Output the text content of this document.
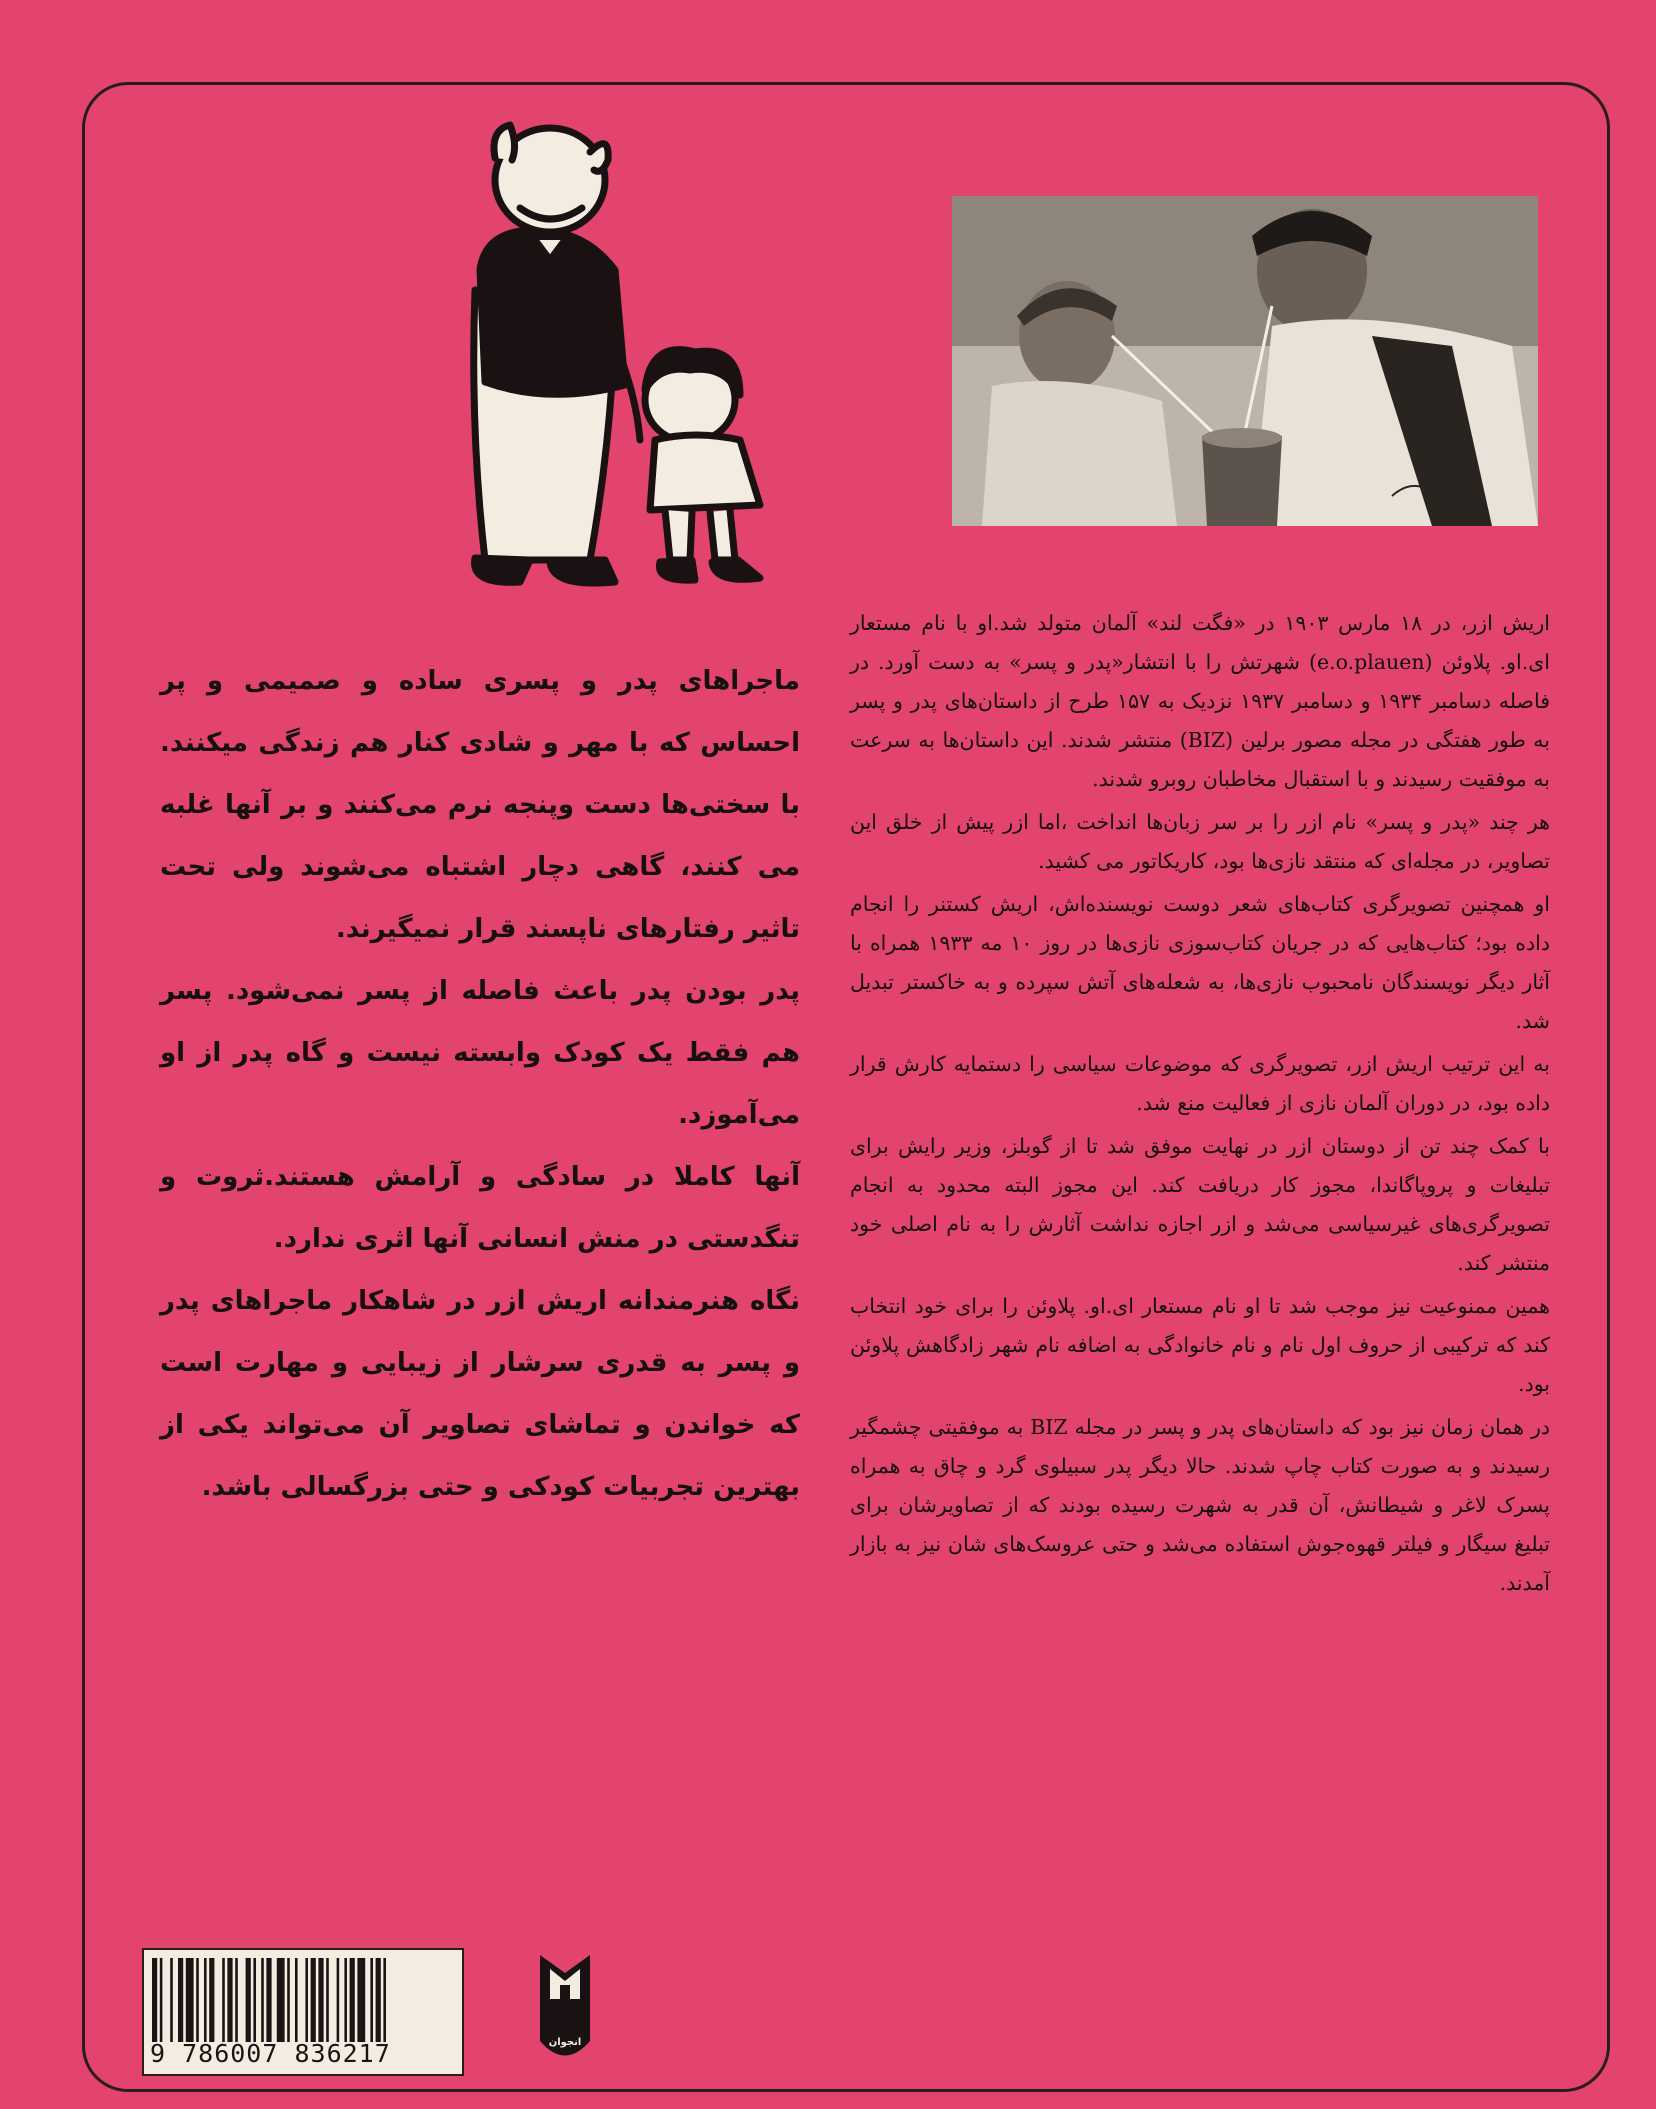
اریش ازر، در ۱۸ مارس ۱۹۰۳ در «فگت لند» آلمان متولد شد.او با نام مستعار ای.او. پلاوئن (e.o.plauen) شهرتش را با انتشار«پدر و پسر» به دست آورد. در فاصله دسامبر ۱۹۳۴ و دسامبر ۱۹۳۷ نزدیک به ۱۵۷ طرح از داستان‌های پدر و پسر به طور هفتگی در مجله مصور برلین (BIZ) منتشر شدند. این داستان‌ها به سرعت به موفقیت رسیدند و با استقبال مخاطبان روبرو شدند.

هر چند «پدر و پسر» نام ازر را بر سر زبان‌ها انداخت ،اما ازر پیش از خلق این تصاویر، در مجله‌ای که منتقد نازی‌ها بود، کاریکاتور می کشید.

او همچنین تصویرگری کتاب‌های شعر دوست نویسنده‌اش، اریش کستنر را انجام داده بود؛ کتاب‌هایی که در جریان کتاب‌سوزی نازی‌ها در روز ۱۰ مه ۱۹۳۳ همراه با آثار دیگر نویسندگان نامحبوب نازی‌ها، به شعله‌های آتش سپرده و به خاکستر تبدیل شد.

به این ترتیب اریش ازر، تصویرگری که موضوعات سیاسی را دستمایه کارش قرار داده بود، در دوران آلمان نازی از فعالیت منع شد.

با کمک چند تن از دوستان ازر در نهایت موفق شد تا از گوبلز، وزیر رایش برای تبلیغات و پروپاگاندا، مجوز کار دریافت کند. این مجوز البته محدود به انجام تصویرگری‌های غیرسیاسی می‌شد و ازر اجازه نداشت آثارش را به نام اصلی خود منتشر کند.

همین ممنوعیت نیز موجب شد تا او نام مستعار ای.او. پلاوئن را برای خود انتخاب کند که ترکیبی از حروف اول نام و نام خانوادگی به اضافه نام شهر زادگاهش پلاوئن بود.

در همان زمان نیز بود که داستان‌های پدر و پسر در مجله BIZ به موفقیتی چشمگیر رسیدند و به صورت کتاب چاپ شدند. حالا دیگر پدر سبیلوی گرد و چاق به همراه پسرک لاغر و شیطانش، آن قدر به شهرت رسیده بودند که از تصاویرشان برای تبلیغ سیگار و فیلتر قهوه‌جوش استفاده می‌شد و حتی عروسک‌های شان نیز به بازار آمدند.

ماجراهای پدر و پسری ساده و صمیمی و پر احساس که با مهر و شادی کنار هم زندگی میکنند. با سختی‌ها دست وپنجه نرم می‌کنند و بر آنها غلبه می کنند، گاهی دچار اشتباه می‌شوند ولی تحت تاثیر رفتارهای ناپسند قرار نمیگیرند.

پدر بودن پدر باعث فاصله از پسر نمی‌شود. پسر هم فقط یک کودک وابسته نیست و گاه پدر از او می‌آموزد.

آنها کاملا در سادگی و آرامش هستند.ثروت و تنگدستی در منش انسانی آنها اثری ندارد.

نگاه هنرمندانه اریش ازر در شاهکار ماجراهای پدر و پسر به قدری سرشار از زیبایی و مهارت است که خواندن و تماشای تصاویر آن می‌تواند یکی از بهترین تجربیات کودکی و حتی بزرگسالی باشد.

9 786007 836217	انجوان
